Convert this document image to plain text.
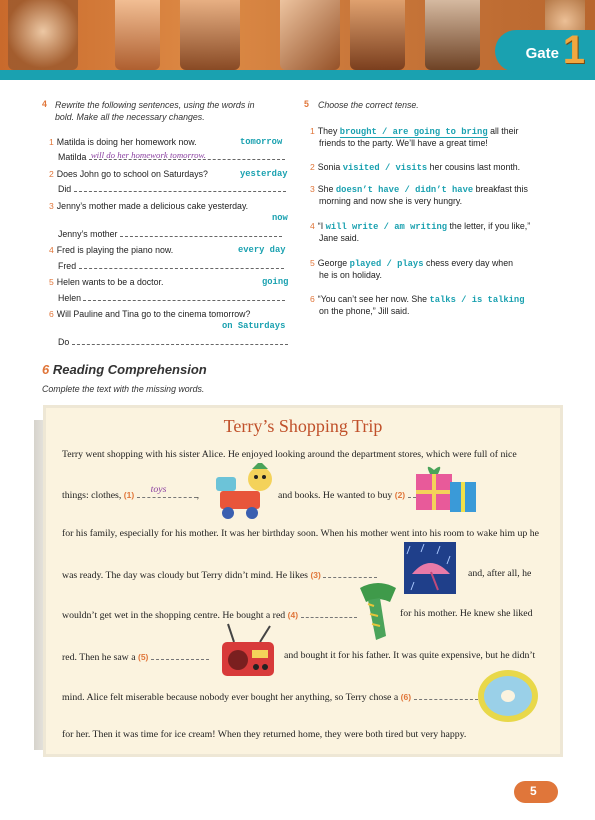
Gate 1
4 Rewrite the following sentences, using the words in
bold. Make all the necessary changes.
1 Matilda is doing her homework now.	tomorrow
Matilda will do her homework tomorrow.
2 Does John go to school on Saturdays?	yesterday
Did
3 Jenny’s mother made a delicious cake yesterday.
now
Jenny’s mother
4 Fred is playing the piano now.	every day
Fred
5 Helen wants to be a doctor.	going
Helen
6 Will Pauline and Tina go to the cinema tomorrow?
on Saturdays
Do
5 Choose the correct tense.
1 They brought / are going to bring all their
friends to the party. We’ll have a great time!
2 Sonia visited / visits her cousins last month.
3 She doesn’t have / didn’t have breakfast this
morning and now she is very hungry.
4 “I will write / am writing the letter, if you like,”
Jane said.
5 George played / plays chess every day when
he is on holiday.
6 “You can’t see her now. She talks / is talking
on the phone,” Jill said.
6 Reading Comprehension
Complete the text with the missing words.
Terry’s Shopping Trip
Terry went shopping with his sister Alice. He enjoyed looking around the department stores, which were full of nice
things: clothes, (1) toys
,	and books. He wanted to buy (2)
for his family, especially for his mother. It was her birthday soon. When his mother went into his room to wake him up he
was ready. The day was cloudy but Terry didn’t mind. He likes (3)	and, after all, he
wouldn’t get wet in the shopping centre. He bought a red (4)	for his mother. He knew she liked
red. Then he saw a (5)	and bought it for his father. It was quite expensive, but he didn’t
mind. Alice felt miserable because nobody ever bought her anything, so Terry chose a (6)
for her. Then it was time for ice cream! When they returned home, they were both tired but very happy.
5
